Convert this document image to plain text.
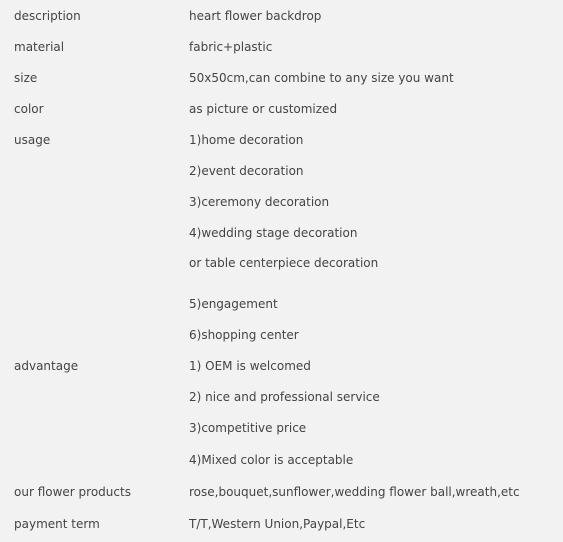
description	heart flower backdrop
material	fabric+plastic
size	50x50cm,can combine to any size you want
color	as picture or customized
usage	1)home decoration
2)event decoration
3)ceremony decoration
4)wedding stage decoration
or table centerpiece decoration
5)engagement
6)shopping center
advantage	1) OEM is welcomed
2) nice and professional service
3)competitive price
4)Mixed color is acceptable
our flower products	rose,bouquet,sunflower,wedding flower ball,wreath,etc
payment term	T/T,Western Union,Paypal,Etc
